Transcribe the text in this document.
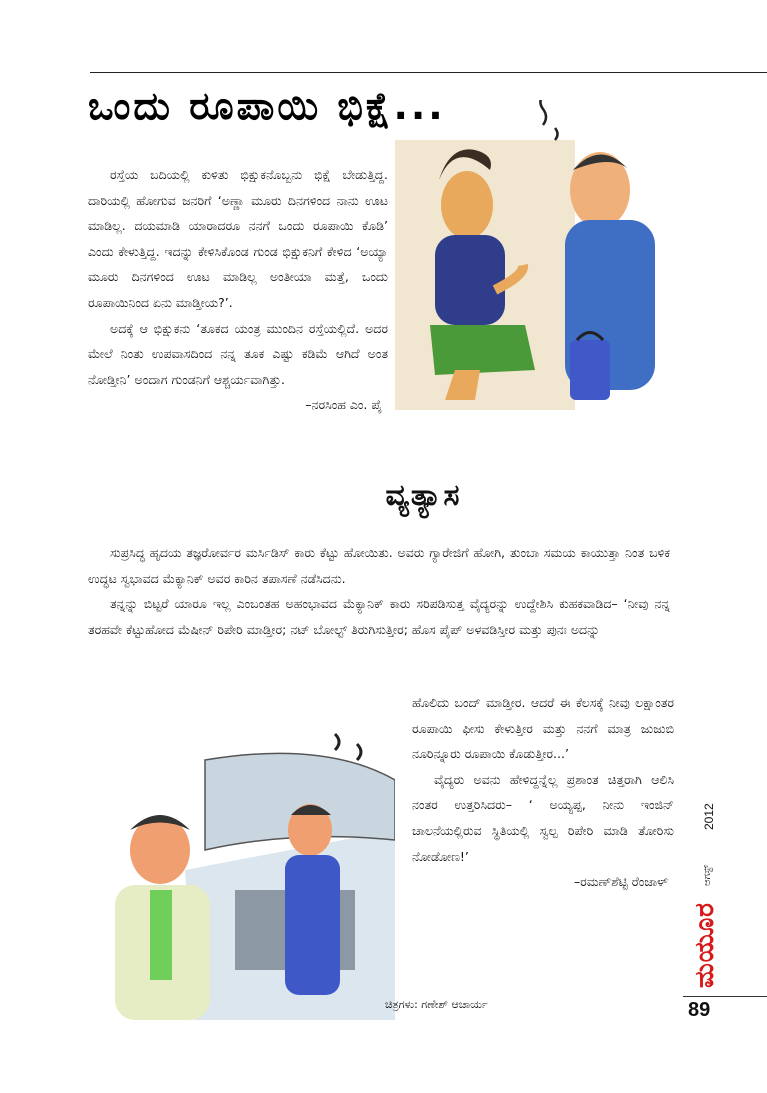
ಒಂದು ರೂಪಾಯಿ ಭಿಕ್ಷೆ...

ರಸ್ತೆಯ ಬದಿಯಲ್ಲಿ ಕುಳಿತು ಭಿಕ್ಷುಕನೊಬ್ಬನು ಭಿಕ್ಷೆ ಬೇಡುತ್ತಿದ್ದ. ದಾರಿಯಲ್ಲಿ ಹೋಗುವ ಜನರಿಗೆ ‘ಅಣ್ಣಾ ಮೂರು ದಿನಗಳಿಂದ ನಾನು ಊಟ ಮಾಡಿಲ್ಲ. ದಯಮಾಡಿ ಯಾರಾದರೂ ನನಗೆ ಒಂದು ರೂಪಾಯಿ ಕೊಡಿ’ ಎಂದು ಕೇಳುತ್ತಿದ್ದ. ಇದನ್ನು ಕೇಳಿಸಿಕೊಂಡ ಗುಂಡ ಭಿಕ್ಷುಕನಿಗೆ ಕೇಳಿದ ‘ಅಯ್ಯಾ ಮೂರು ದಿನಗಳಿಂದ ಊಟ ಮಾಡಿಲ್ಲ ಅಂತೀಯಾ ಮತ್ತೆ, ಒಂದು ರೂಪಾಯಿನಿಂದ ಏನು ಮಾಡ್ತೀಯ?’.

ಅದಕ್ಕೆ ಆ ಭಿಕ್ಷುಕನು ‘ತೂಕದ ಯಂತ್ರ ಮುಂದಿನ ರಸ್ತೆಯಲ್ಲಿದೆ. ಅದರ ಮೇಲೆ ನಿಂತು ಉಪವಾಸದಿಂದ ನನ್ನ ತೂಕ ಎಷ್ಟು ಕಡಿಮೆ ಆಗಿದೆ ಅಂತ ನೋಡ್ತೀನಿ’ ಅಂದಾಗ ಗುಂಡನಿಗೆ ಆಶ್ಚರ್ಯವಾಗಿತ್ತು.

–ನರಸಿಂಹ ಎಂ. ಪೈ

ವ್ಯತ್ಯಾಸ

ಸುಪ್ರಸಿದ್ಧ ಹೃದಯ ತಜ್ಞರೋರ್ವರ ಮರ್ಸಿಡಿಸ್ ಕಾರು ಕೆಟ್ಟು ಹೋಯಿತು. ಅವರು ಗ್ಯಾರೇಜಿಗೆ ಹೋಗಿ, ತುಂಬಾ ಸಮಯ ಕಾಯುತ್ತಾ ನಿಂತ ಬಳಿಕ ಉದ್ಧಟ ಸ್ವಭಾವದ ಮೆಕ್ಯಾನಿಕ್ ಅವರ ಕಾರಿನ ತಪಾಸಣೆ ನಡೆಸಿದನು.

ತನ್ನನ್ನು ಬಿಟ್ಟರೆ ಯಾರೂ ಇಲ್ಲ ಎಂಬಂತಹ ಅಹಂಭಾವದ ಮೆಕ್ಯಾನಿಕ್ ಕಾರು ಸರಿಪಡಿಸುತ್ತ ವೈದ್ಯರನ್ನು ಉದ್ದೇಶಿಸಿ ಕುಹಕವಾಡಿದ– ‘ನೀವು ನನ್ನ ತರಹವೇ ಕೆಟ್ಟುಹೋದ ಮೆಷೀನ್ ರಿಪೇರಿ ಮಾಡ್ತೀರ; ನಟ್ ಬೋಲ್ಟ್ ತಿರುಗಿಸುತ್ತೀರ; ಹೊಸ ಪೈಪ್ ಅಳವಡಿಸ್ತೀರ ಮತ್ತು ಪುನಃ ಅದನ್ನು

ಹೊಲಿದು ಬಂದ್ ಮಾಡ್ತೀರ. ಆದರೆ ಈ ಕೆಲಸಕ್ಕೆ ನೀವು ಲಕ್ಷಾಂತರ ರೂಪಾಯಿ ಫೀಸು ಕೇಳುತ್ತೀರ ಮತ್ತು ನನಗೆ ಮಾತ್ರ ಜುಜುಬಿ ನೂರಿನ್ನೂರು ರೂಪಾಯಿ ಕೊಡುತ್ತೀರ...’

ವೈದ್ಯರು ಅವನು ಹೇಳಿದ್ದನ್ನೆಲ್ಲ ಪ್ರಶಾಂತ ಚಿತ್ತರಾಗಿ ಆಲಿಸಿ ನಂತರ ಉತ್ತರಿಸಿದರು– ‘ ಅಯ್ಯಪ್ಪ, ನೀನು ಇಂಜಿನ್ ಚಾಲನೆಯಲ್ಲಿರುವ ಸ್ಥಿತಿಯಲ್ಲಿ ಸ್ವಲ್ಪ ರಿಪೇರಿ ಮಾಡಿ ತೋರಿಸು ನೋಡೋಣ!’

–ರಮಣ್‌ಶೆಟ್ಟಿ ರೆಂಜಾಳ್

ಚಿತ್ರಗಳು: ಗಣೇಶ್ ಆಚಾರ್ಯ
2012
ಆಗಸ್ಟ್
ಮಯೂರ
89
